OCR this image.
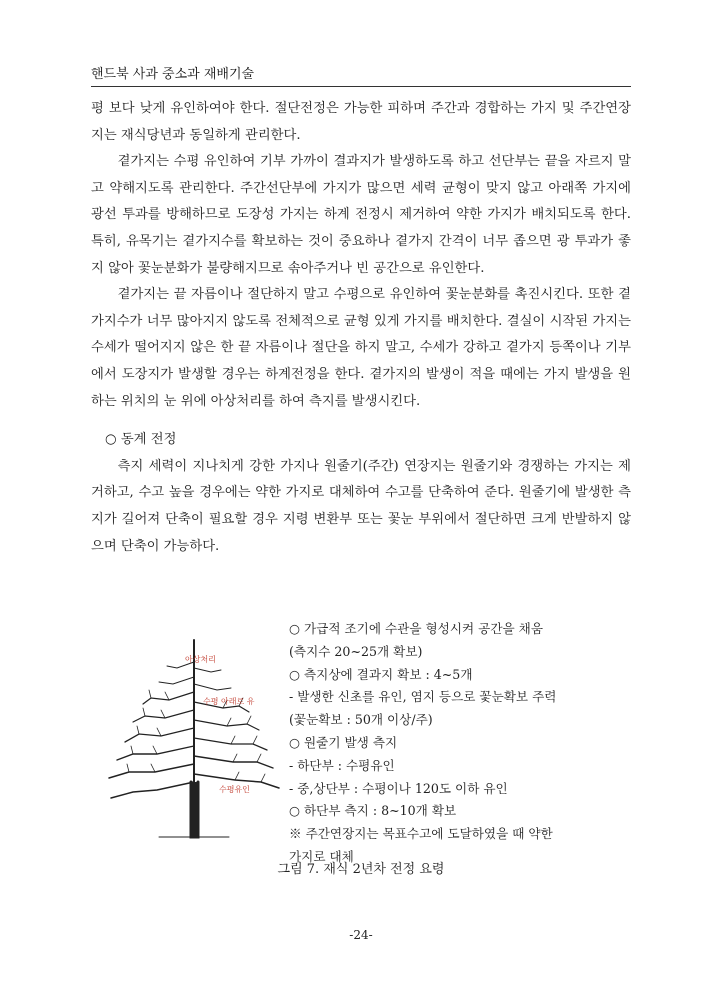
핸드북 사과 중소과 재배기술

평 보다 낮게 유인하여야 한다. 절단전정은 가능한 피하며 주간과 경합하는 가지 및 주간연장지는 재식당년과 동일하게 관리한다.

곁가지는 수평 유인하여 기부 가까이 결과지가 발생하도록 하고 선단부는 끝을 자르지 말고 약해지도록 관리한다. 주간선단부에 가지가 많으면 세력 균형이 맞지 않고 아래쪽 가지에 광선 투과를 방해하므로 도장성 가지는 하계 전정시 제거하여 약한 가지가 배치되도록 한다. 특히, 유목기는 곁가지수를 확보하는 것이 중요하나 곁가지 간격이 너무 좁으면 광 투과가 좋지 않아 꽃눈분화가 불량해지므로 솎아주거나 빈 공간으로 유인한다.

곁가지는 끝 자름이나 절단하지 말고 수평으로 유인하여 꽃눈분화를 촉진시킨다. 또한 곁가지수가 너무 많아지지 않도록 전체적으로 균형 있게 가지를 배치한다. 결실이 시작된 가지는 수세가 떨어지지 않은 한 끝 자름이나 절단을 하지 말고, 수세가 강하고 곁가지 등쪽이나 기부에서 도장지가 발생할 경우는 하계전정을 한다. 곁가지의 발생이 적을 때에는 가지 발생을 원하는 위치의 눈 위에 아상처리를 하여 측지를 발생시킨다.

○ 동계 전정

측지 세력이 지나치게 강한 가지나 원줄기(주간) 연장지는 원줄기와 경쟁하는 가지는 제거하고, 수고 높을 경우에는 약한 가지로 대체하여 수고를 단축하여 준다. 원줄기에 발생한 측지가 길어져 단축이 필요할 경우 지령 변환부 또는 꽃눈 부위에서 절단하면 크게 반발하지 않으며 단축이 가능하다.

아상처리
수평 아래로 유
수평유인
○ 가급적 조기에 수관을 형성시켜 공간을 채움
(측지수 20~25개 확보)
○ 측지상에 결과지 확보 : 4~5개
- 발생한 신초를 유인, 염지 등으로 꽃눈확보 주력
(꽃눈확보 : 50개 이상/주)
○ 원줄기 발생 측지
- 하단부 : 수평유인
- 중,상단부 : 수평이나 120도 이하 유인
○ 하단부 측지 : 8~10개 확보
※ 주간연장지는 목표수고에 도달하였을 때 약한
가지로 대체
그림 7. 재식 2년차 전정 요령
-24-
